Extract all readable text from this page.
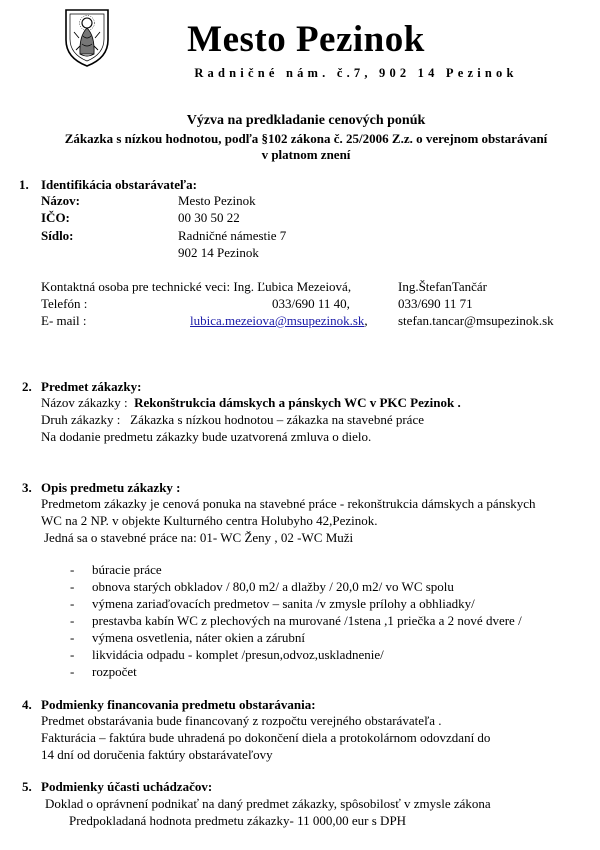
Mesto Pezinok
Radničné nám. č.7, 902 14 Pezinok
Výzva na predkladanie cenových ponúk
Zákazka s nízkou hodnotou, podľa §102 zákona č. 25/2006 Z.z. o verejnom obstarávaní
v platnom znení
1. Identifikácia obstarávateľa:
Názov:	Mesto Pezinok
IČO:	00 30 50 22
Sídlo:	Radničné námestie 7
902 14 Pezinok
Kontaktná osoba pre technické veci: Ing. Ľubica Mezeiová,	Ing.ŠtefanTančár
Telefón :	033/690 11 40,	033/690 11 71
E- mail :	lubica.mezeiova@msupezinok.sk, stefan.tancar@msupezinok.sk
2. Predmet zákazky:
Názov zákazky : Rekonštrukcia dámskych a pánskych WC v PKC Pezinok .
Druh zákazky : Zákazka s nízkou hodnotou – zákazka na stavebné práce
Na dodanie predmetu zákazky bude uzatvorená zmluva o dielo.
3. Opis predmetu zákazky :
Predmetom zákazky je cenová ponuka na stavebné práce - rekonštrukcia dámskych a pánskych
WC na 2 NP. v objekte Kulturného centra Holubyho 42,Pezinok.
Jedná sa o stavebné práce na: 01- WC Ženy , 02 -WC Muži
- búracie práce
- obnova starých obkladov / 80,0 m2/ a dlažby / 20,0 m2/ vo WC spolu
- výmena zariaďovacích predmetov – sanita /v zmysle prílohy a obhliadky/
- prestavba kabín WC z plechových na murované /1stena ,1 priečka a 2 nové dvere /
- výmena osvetlenia, náter okien a zárubní
- likvidácia odpadu - komplet /presun,odvoz,uskladnenie/
- rozpočet
4. Podmienky financovania predmetu obstarávania:
Predmet obstarávania bude financovaný z rozpočtu verejného obstarávateľa .
Fakturácia – faktúra bude uhradená po dokončení diela a protokolárnom odovzdaní do
14 dní od doručenia faktúry obstarávateľovy
5. Podmienky účasti uchádzačov:
Doklad o oprávnení podnikať na daný predmet zákazky, spôsobilosť v zmysle zákona
Predpokladaná hodnota predmetu zákazky- 11 000,00 eur s DPH
